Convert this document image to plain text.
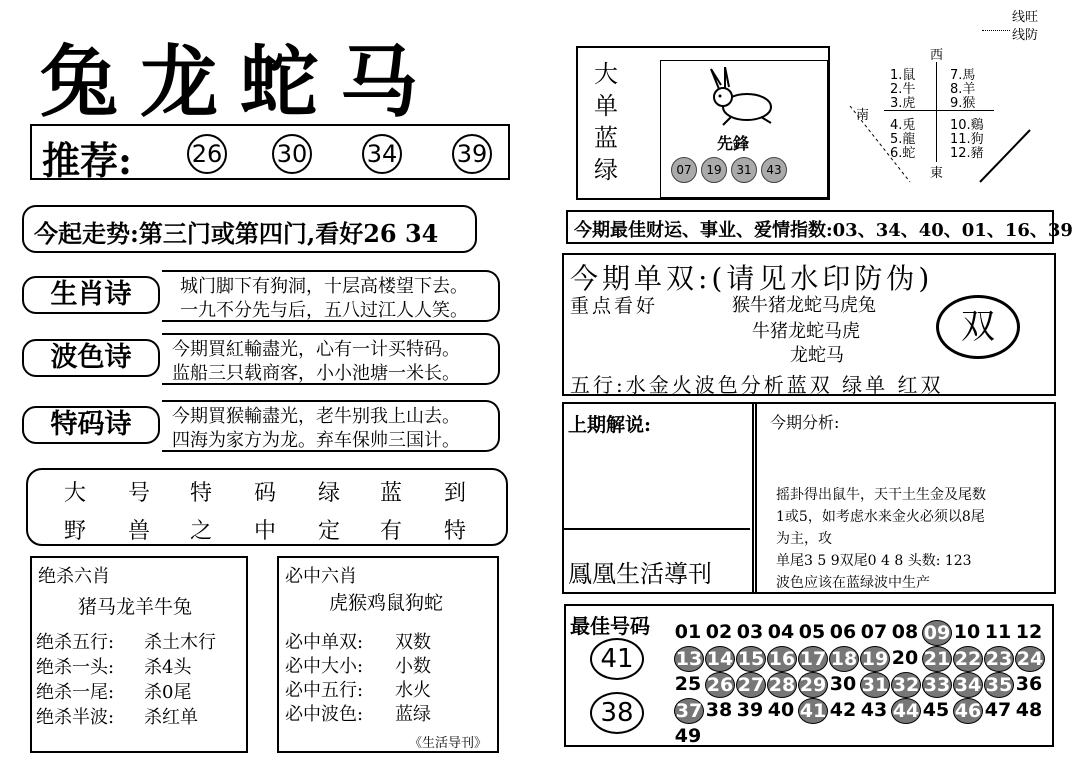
兔龙蛇马
推荐: 26 30 34 39
今起走势:第三门或第四门,看好26 34
生肖诗	城门脚下有狗洞，十层高楼望下去。
一九不分先与后，五八过江人人笑。
波色诗	今期買紅輸盡光，心有一计买特码。
监船三只载商客，小小池塘一米长。
特码诗	今期買猴輸盡光，老牛别我上山去。
四海为家方为龙。弃车保帅三国计。
大 号 特 码 绿 蓝 到
野 兽 之 中 定 有 特
绝杀六肖
猪马龙羊牛兔
绝杀五行: 杀土木行
绝杀一头: 杀4头
绝杀一尾: 杀0尾
绝杀半波: 杀红单
必中六肖
虎猴鸡鼠狗蛇
必中单双: 双数
必中大小: 小数
必中五行: 水火
必中波色: 蓝绿
《生活导刊》
大
单
蓝
绿
先鋒
07	19	31	43
线旺
线防
西
南
東
1.鼠
2.牛
3.虎
4.兎
5.龍
6.蛇
7.馬
8.羊
9.猴
10.鷄
11.狗
12.豬
今期最佳财运、事业、爱情指数:03、34、40、01、16、39
今期单双:(请见水印防伪)
重点看好	猴牛猪龙蛇马虎兔
牛猪龙蛇马虎
龙蛇马
双
五行:水金火波色分析蓝双 绿单 红双
上期解说:
鳳凰生活導刊
今期分析:
摇卦得出鼠牛，天干土生金及尾数
1或5，如考虑水来金火必须以8尾
为主，攻
单尾3 5 9双尾0 4 8 头数: 123
波色应该在蓝绿波中生产
最佳号码
41
38
01 02 03 04 05 06 07 08 09 10 11 12
13 14 15 16 17 18 19 20 21 22 23 24
25 26 27 28 29 30 31 32 33 34 35 36
37 38 39 40 41 42 43 44 45 46 47 48
49
